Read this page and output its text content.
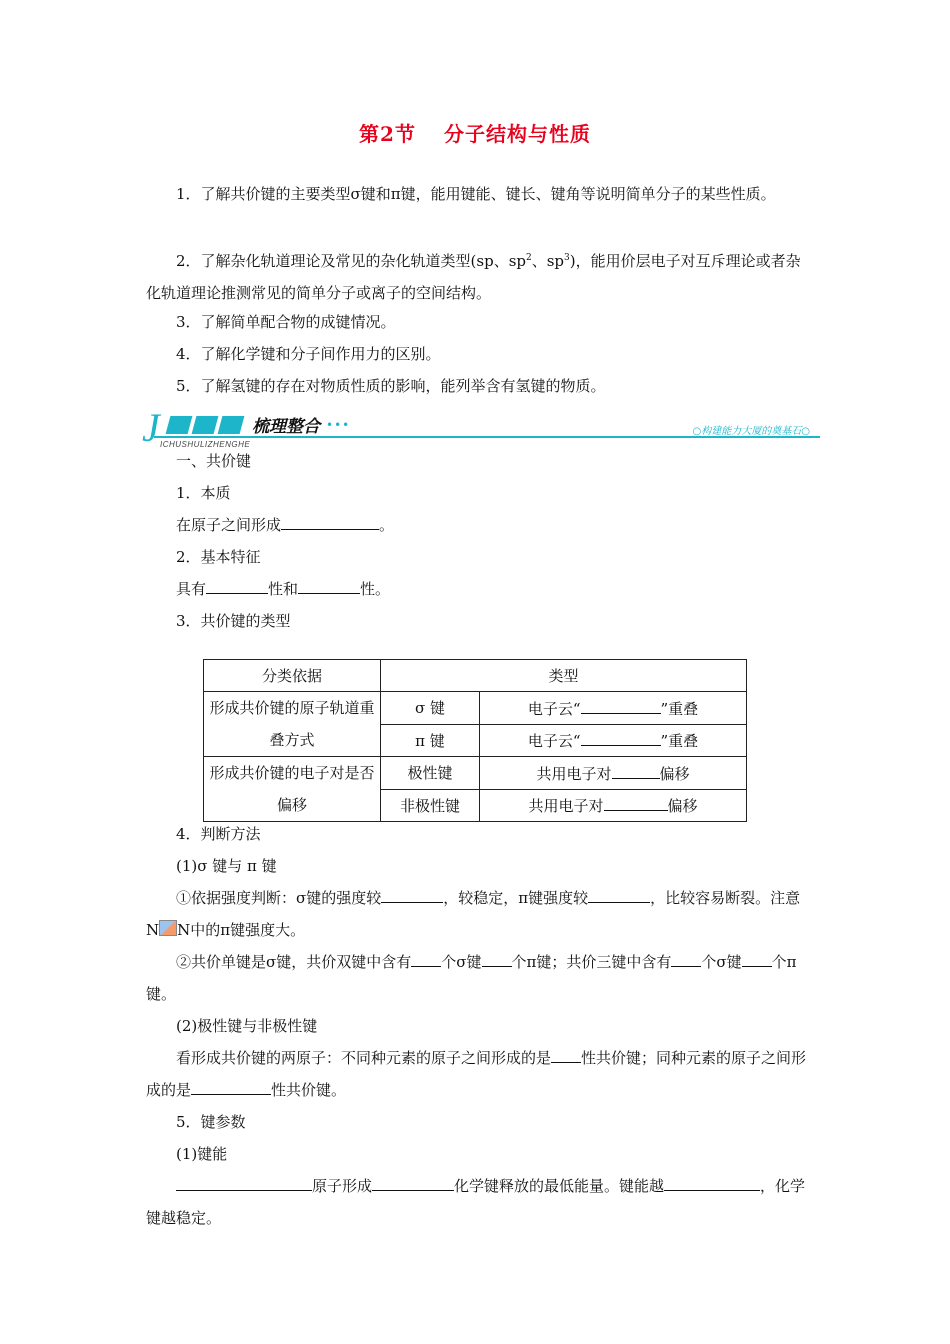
第2节 分子结构与性质
1．了解共价键的主要类型σ键和π键，能用键能、键长、键角等说明简单分子的某些性质。
2．了解杂化轨道理论及常见的杂化轨道类型(sp、$sp^2$、$sp^3$)，能用价层电子对互斥理论或者杂化轨道理论推测常见的简单分子或离子的空间结构。
3．了解简单配合物的成键情况。
4．了解化学键和分子间作用力的区别。
5．了解氢键的存在对物质性质的影响，能列举含有氢键的物质。
J	梳理整合 •••
ICHUSHULIZHENGHE
○构建能力大厦的奠基石○
一、共价键
1．本质
在原子之间形成	。
2．基本特征
具有	性和	性。
3．共价键的类型
分类依据	类型	
形成共价键的原子轨道重叠方式	σ 键	电子云“ ”重叠
	π 键	电子云“ ”重叠
形成共价键的电子对是否偏移	极性键	共用电子对 偏移
	非极性键	共用电子对 偏移
4．判断方法
(1)σ 键与 π 键
①依据强度判断：σ键的强度较	，较稳定，π键强度较	，比较容易断裂。注意N N中的π键强度大。
②共价单键是σ键，共价双键中含有 个σ键 个π键；共价三键中含有 个σ键 个π键。
(2)极性键与非极性键
看形成共价键的两原子：不同种元素的原子之间形成的是 性共价键；同种元素的原子之间形成的是	性共价键。
5．键参数
(1)键能
原子形成	化学键释放的最低能量。键能越	，化学键越稳定。
